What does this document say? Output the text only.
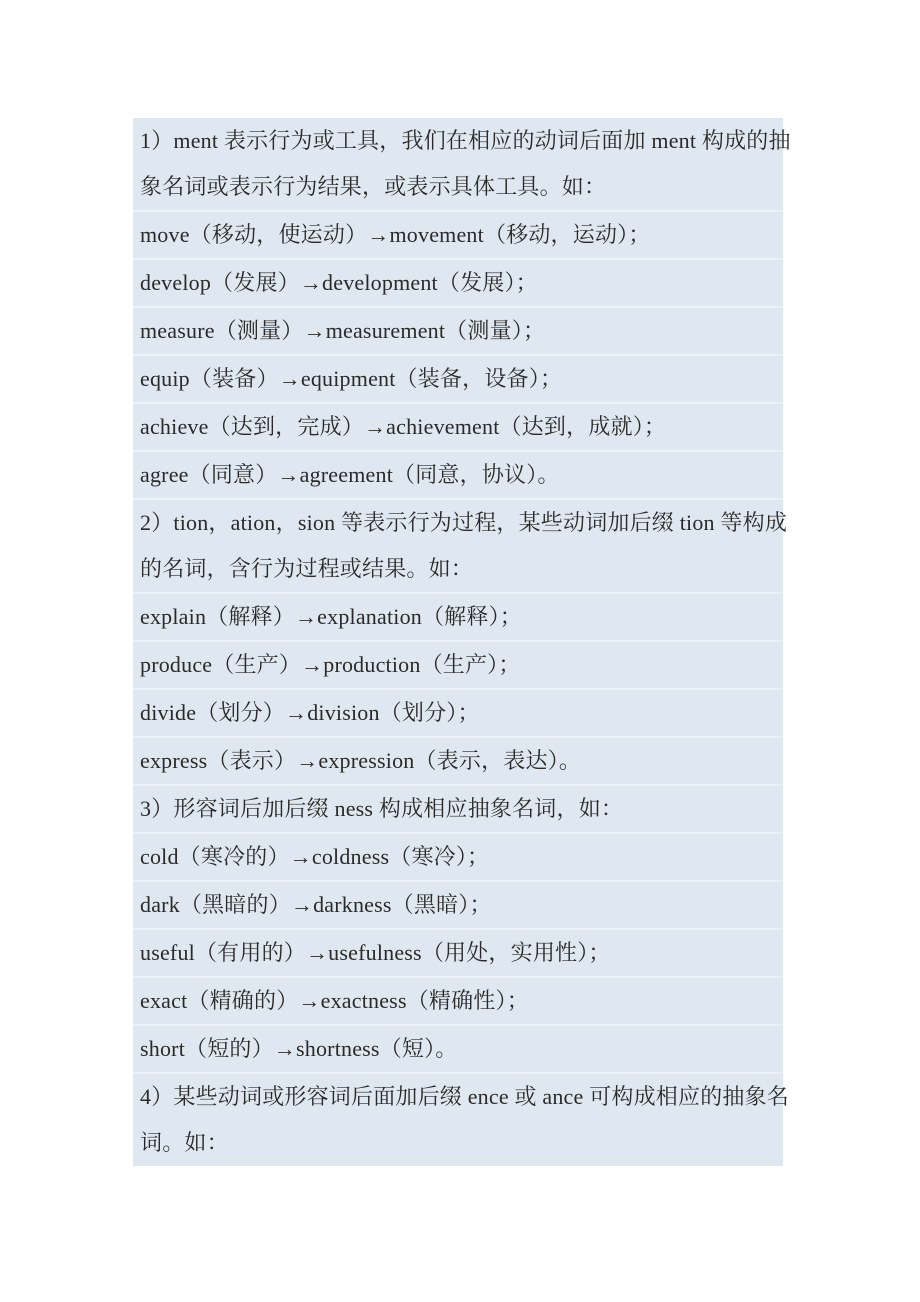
1）ment 表示行为或工具，我们在相应的动词后面加 ment 构成的抽
象名词或表示行为结果，或表示具体工具。如：
move（移动，使运动）→movement（移动，运动）；
develop（发展）→development（发展）；
measure（测量）→measurement（测量）；
equip（装备）→equipment（装备，设备）；
achieve（达到，完成）→achievement（达到，成就）；
agree（同意）→agreement（同意，协议）。
2）tion，ation，sion 等表示行为过程，某些动词加后缀 tion 等构成
的名词，含行为过程或结果。如：
explain（解释）→explanation（解释）；
produce（生产）→production（生产）；
divide（划分）→division（划分）；
express（表示）→expression（表示，表达）。
3）形容词后加后缀 ness 构成相应抽象名词，如：
cold（寒冷的）→coldness（寒冷）；
dark（黑暗的）→darkness（黑暗）；
useful（有用的）→usefulness（用处，实用性）；
exact（精确的）→exactness（精确性）；
short（短的）→shortness（短）。
4）某些动词或形容词后面加后缀 ence 或 ance 可构成相应的抽象名
词。如：
